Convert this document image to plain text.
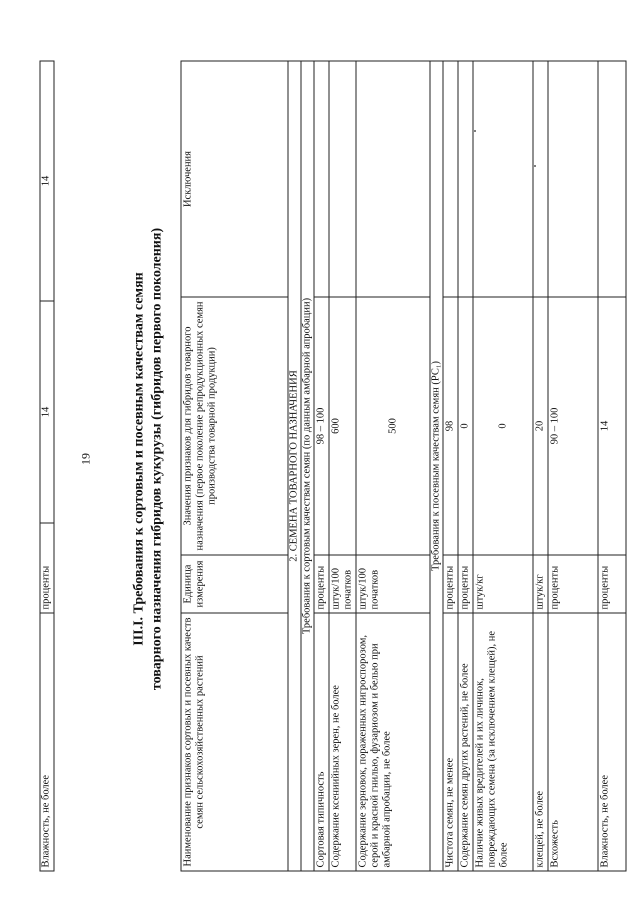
Влажность, не более	проценты	14	14
19	III.I. Требования к сортовым и посевным качествам семян товарного назначения гибридов кукурузы (гибридов первого поколения)
Наименование признаков сортовых и посевных качеств семян сельскохозяйственных растений	Единица измерения	Значения признаков для гибридов товарного назначения (первое поколение репродукционных семян производства товарной продукции)	Исключения
2. СЕМЕНА ТОВАРНОГО НАЗНАЧЕНИЯ			
Требования к сортовым качествам семян (по данным амбарной апробации)			
Сортовая типичность	проценты	98 – 100	
Содержание ксениийных зерен, не более	штук/100 початков	600	
Содержание зерновок, пораженных нигроспорозом, серой и красной гнилью, фузариозом и белью при амбарной апробации, не более	штук/100 початков	500	
Требования к посевным качествам семян (РС₁)			
Чистота семян, не менее	проценты	98	
Содержание семян других растений, не более	проценты	0	
Наличие живых вредителей и их личинок, повреждающих семена (за исключением клещей), не более	штук/кг	0	
клещей, не более	штук/кг	20	
Всхожесть	проценты	90 – 100	
Влажность, не более	проценты	14	
